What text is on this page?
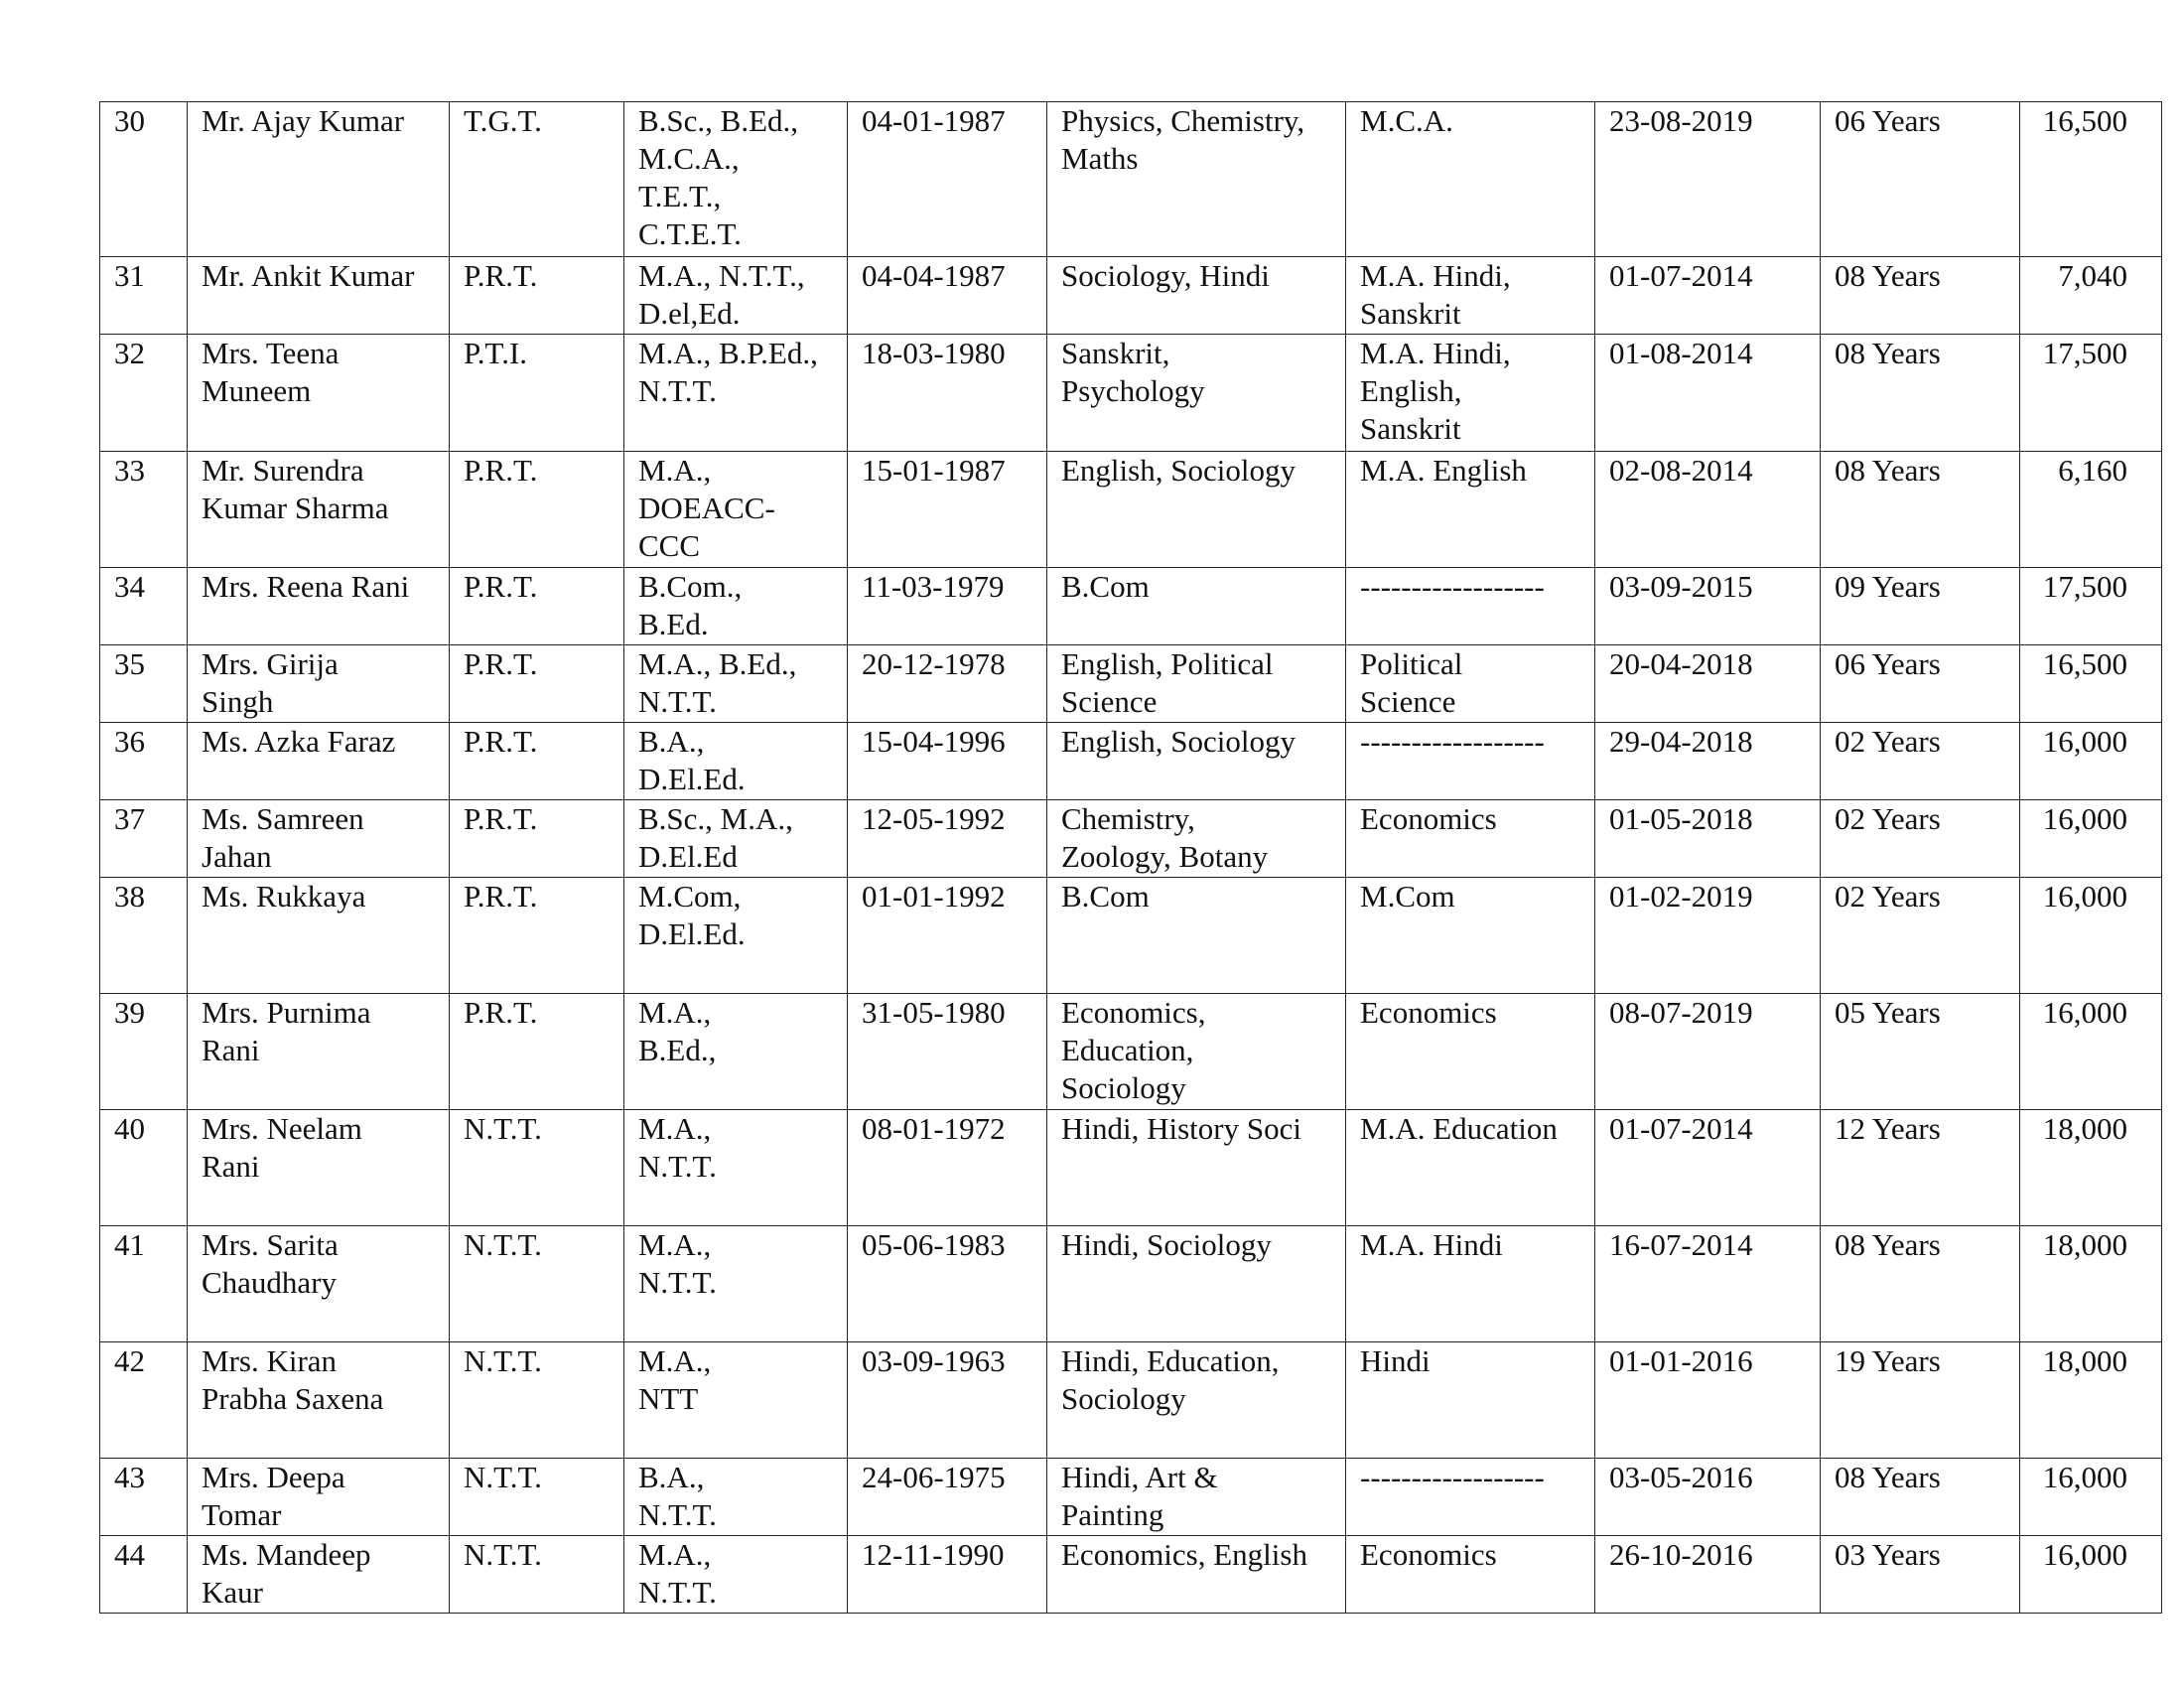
30	Mr. Ajay Kumar	T.G.T.	B.Sc., B.Ed.,
M.C.A.,
T.E.T.,
C.T.E.T.	04-01-1987	Physics, Chemistry,
Maths	M.C.A.	23-08-2019	06 Years	16,500
31	Mr. Ankit Kumar	P.R.T.	M.A., N.T.T.,
D.el,Ed.	04-04-1987	Sociology, Hindi	M.A. Hindi,
Sanskrit	01-07-2014	08 Years	7,040
32	Mrs. Teena
Muneem	P.T.I.	M.A., B.P.Ed.,
N.T.T.	18-03-1980	Sanskrit,
Psychology	M.A. Hindi,
English,
Sanskrit	01-08-2014	08 Years	17,500
33	Mr. Surendra
Kumar Sharma	P.R.T.	M.A.,
DOEACC-
CCC	15-01-1987	English, Sociology	M.A. English	02-08-2014	08 Years	6,160
34	Mrs. Reena Rani	P.R.T.	B.Com.,
B.Ed.	11-03-1979	B.Com	------------------	03-09-2015	09 Years	17,500
35	Mrs. Girija
Singh	P.R.T.	M.A., B.Ed.,
N.T.T.	20-12-1978	English, Political
Science	Political
Science	20-04-2018	06 Years	16,500
36	Ms. Azka Faraz	P.R.T.	B.A.,
D.El.Ed.	15-04-1996	English, Sociology	------------------	29-04-2018	02 Years	16,000
37	Ms. Samreen
Jahan	P.R.T.	B.Sc., M.A.,
D.El.Ed	12-05-1992	Chemistry,
Zoology, Botany	Economics	01-05-2018	02 Years	16,000
38	Ms. Rukkaya	P.R.T.	M.Com,
D.El.Ed.	01-01-1992	B.Com	M.Com	01-02-2019	02 Years	16,000
39	Mrs. Purnima
Rani	P.R.T.	M.A.,
B.Ed.,	31-05-1980	Economics,
Education,
Sociology	Economics	08-07-2019	05 Years	16,000
40	Mrs. Neelam
Rani	N.T.T.	M.A.,
N.T.T.	08-01-1972	Hindi, History Soci	M.A. Education	01-07-2014	12 Years	18,000
41	Mrs. Sarita
Chaudhary	N.T.T.	M.A.,
N.T.T.	05-06-1983	Hindi, Sociology	M.A. Hindi	16-07-2014	08 Years	18,000
42	Mrs. Kiran
Prabha Saxena	N.T.T.	M.A.,
NTT	03-09-1963	Hindi, Education,
Sociology	Hindi	01-01-2016	19 Years	18,000
43	Mrs. Deepa
Tomar	N.T.T.	B.A.,
N.T.T.	24-06-1975	Hindi, Art &
Painting	------------------	03-05-2016	08 Years	16,000
44	Ms. Mandeep
Kaur	N.T.T.	M.A.,
N.T.T.	12-11-1990	Economics, English	Economics	26-10-2016	03 Years	16,000
